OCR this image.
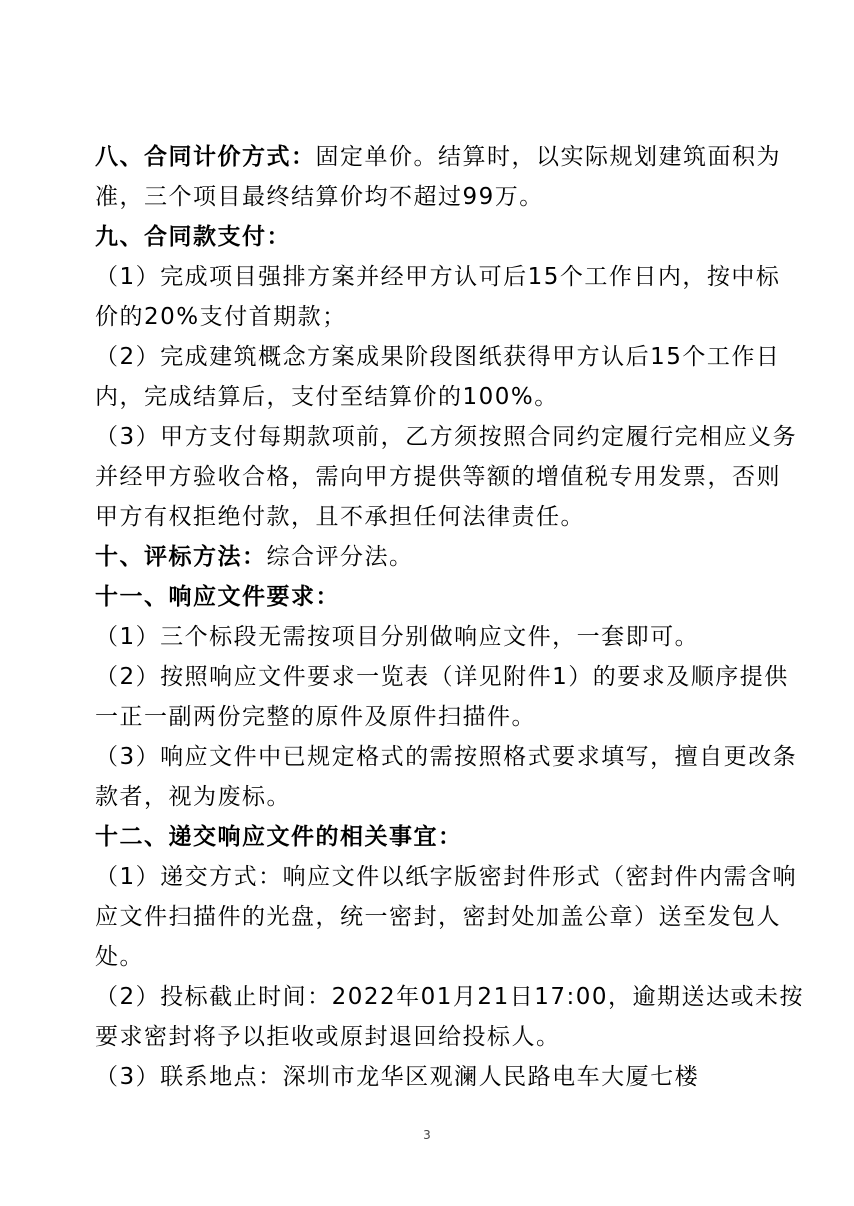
八、合同计价方式：固定单价。结算时，以实际规划建筑面积为
准，三个项目最终结算价均不超过99万。
九、合同款支付：
（1）完成项目强排方案并经甲方认可后15个工作日内，按中标
价的20%支付首期款；
（2）完成建筑概念方案成果阶段图纸获得甲方认后15个工作日
内，完成结算后，支付至结算价的100%。
（3）甲方支付每期款项前，乙方须按照合同约定履行完相应义务
并经甲方验收合格，需向甲方提供等额的增值税专用发票，否则
甲方有权拒绝付款，且不承担任何法律责任。
十、评标方法：综合评分法。
十一、响应文件要求：
（1）三个标段无需按项目分别做响应文件，一套即可。
（2）按照响应文件要求一览表（详见附件1）的要求及顺序提供
一正一副两份完整的原件及原件扫描件。
（3）响应文件中已规定格式的需按照格式要求填写，擅自更改条
款者，视为废标。
十二、递交响应文件的相关事宜：
（1）递交方式：响应文件以纸字版密封件形式（密封件内需含响
应文件扫描件的光盘，统一密封，密封处加盖公章）送至发包人
处。
（2）投标截止时间：2022年01月21日17:00，逾期送达或未按
要求密封将予以拒收或原封退回给投标人。
（3）联系地点：深圳市龙华区观澜人民路电车大厦七楼
3
